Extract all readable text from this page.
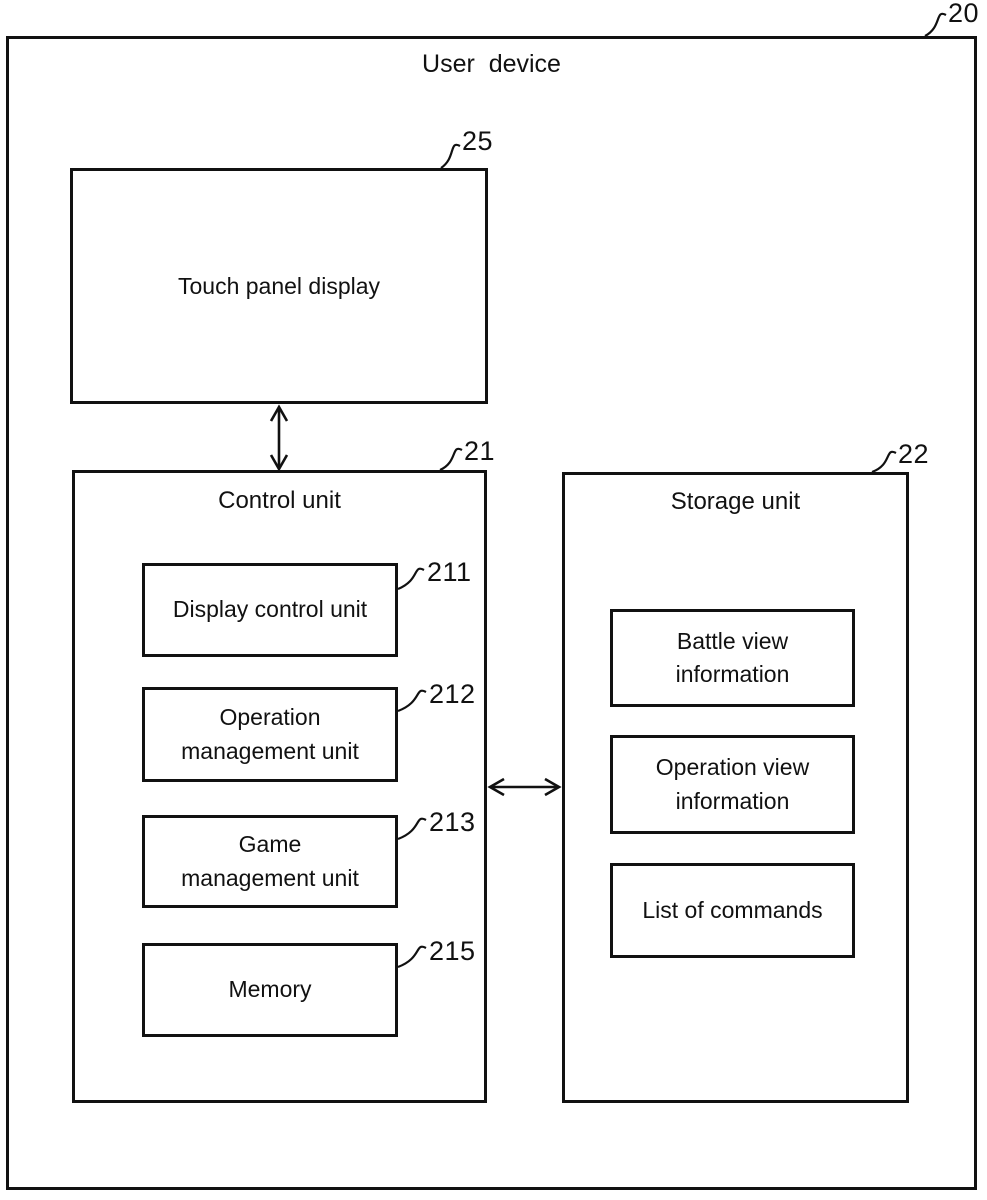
User  device
Touch panel display
Control unit
Display control unit
Operation
management unit
Game
management unit
Memory
Storage unit
Battle view
information
Operation view
information
List of commands
20
25
21	22
211
212
213
215
